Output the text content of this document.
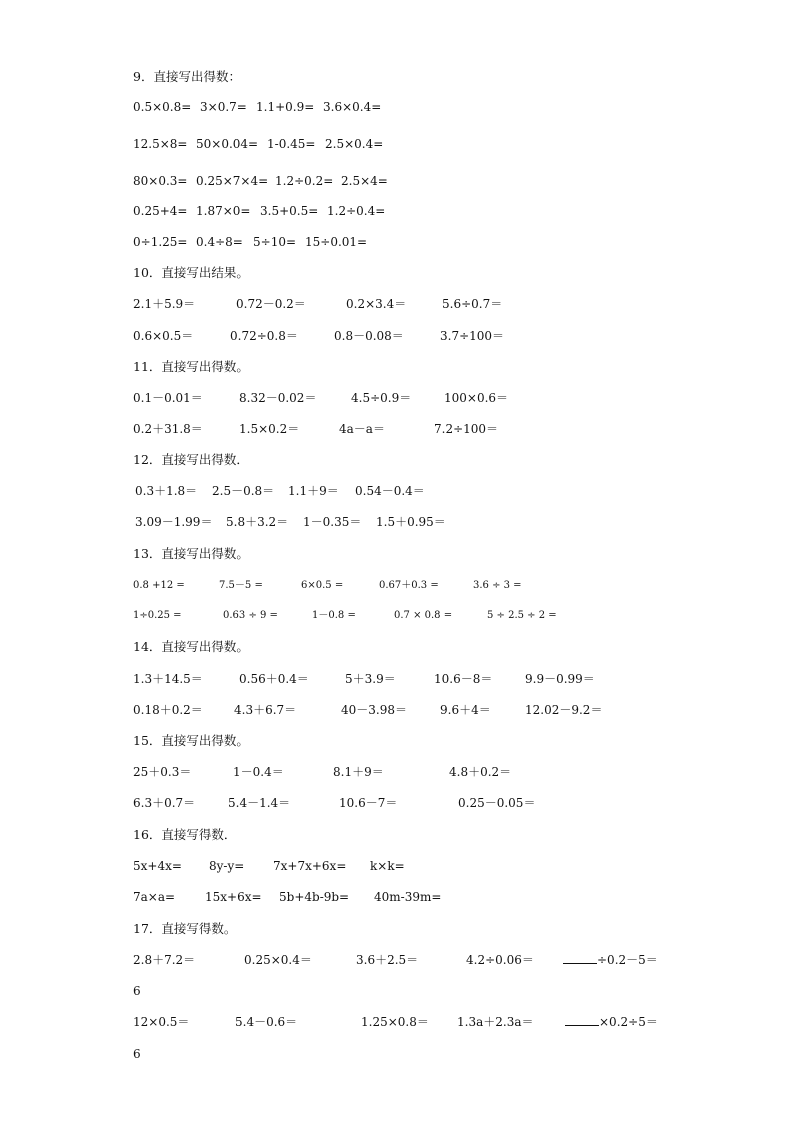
9．直接写出得数：
0.5×0.8= 3×0.7= 1.1+0.9= 3.6×0.4=
12.5×8= 50×0.04= 1-0.45= 2.5×0.4=
80×0.3= 0.25×7×4= 1.2÷0.2= 2.5×4=
0.25+4= 1.87×0= 3.5+0.5= 1.2÷0.4=
0÷1.25= 0.4÷8= 5÷10= 15÷0.01=
10．直接写出结果。
2.1＋5.9＝	0.72－0.2＝	0.2×3.4＝	5.6÷0.7＝
0.6×0.5＝	0.72÷0.8＝	0.8－0.08＝	3.7÷100＝
11．直接写出得数。
0.1－0.01＝	8.32－0.02＝	4.5÷0.9＝	100×0.6＝
0.2＋31.8＝	1.5×0.2＝	4a－a＝	7.2÷100＝
12．直接写出得数．
0.3＋1.8＝ 2.5－0.8＝ 1.1＋9＝ 0.54－0.4＝
3.09－1.99＝ 5.8＋3.2＝ 1－0.35＝ 1.5＋0.95＝
13．直接写出得数。
0.8 +12 =	7.5－5 =	6×0.5 =	0.67＋0.3 =	3.6 ÷ 3 =
1÷0.25 =	0.63 ÷ 9 =	1－0.8 =	0.7 × 0.8 =	5 ÷ 2.5 ÷ 2 =
14．直接写出得数。
1.3＋14.5＝	0.56＋0.4＝	5＋3.9＝	10.6－8＝	9.9－0.99＝
0.18＋0.2＝	4.3＋6.7＝	40－3.98＝	9.6＋4＝	12.02－9.2＝
15．直接写出得数。
25＋0.3＝	1－0.4＝	8.1＋9＝	4.8＋0.2＝
6.3＋0.7＝	5.4－1.4＝	10.6－7＝	0.25－0.05＝
16．直接写得数．
5x+4x= 8y-y= 7x+7x+6x= k×k=
7a×a= 15x+6x= 5b+4b-9b= 40m-39m=
17．直接写得数。
2.8＋7.2＝	0.25×0.4＝	3.6＋2.5＝	4.2÷0.06＝	÷0.2－5＝
6
12×0.5＝	5.4－0.6＝	1.25×0.8＝ 1.3a＋2.3a＝	×0.2÷5＝
6
